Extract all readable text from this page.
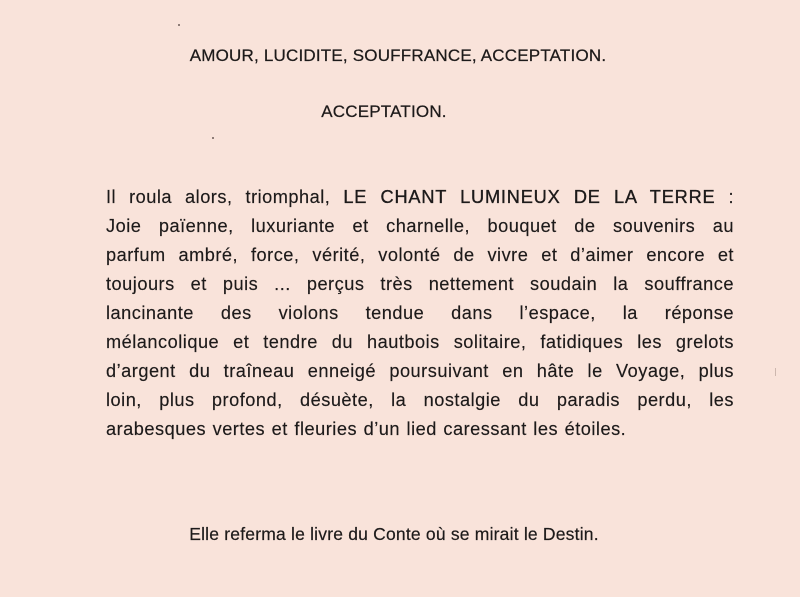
AMOUR, LUCIDITE, SOUFFRANCE, ACCEPTATION.

ACCEPTATION.

Il roula alors, triomphal, LE CHANT LUMINEUX DE LA TERRE :
Joie païenne, luxuriante et charnelle, bouquet de souvenirs au
parfum ambré, force, vérité, volonté de vivre et d’aimer encore et
toujours et puis ... perçus très nettement soudain la souffrance
lancinante des violons tendue dans l’espace, la réponse
mélancolique et tendre du hautbois solitaire, fatidiques les grelots
d’argent du traîneau enneigé poursuivant en hâte le Voyage, plus
loin, plus profond, désuète, la nostalgie du paradis perdu, les
arabesques vertes et fleuries d’un lied caressant les étoiles.

Elle referma le livre du Conte où se mirait le Destin.
